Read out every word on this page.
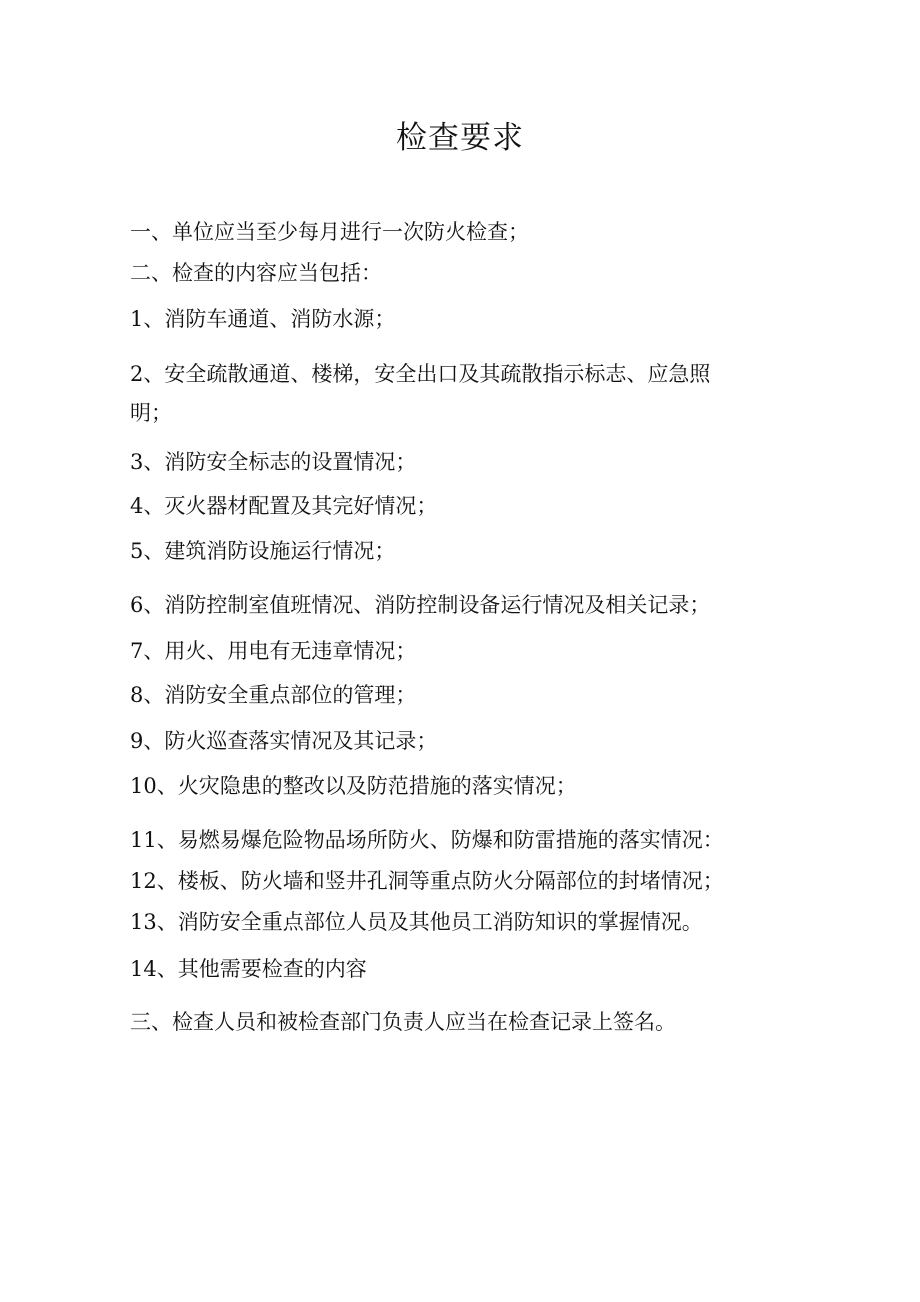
检查要求
一、单位应当至少每月进行一次防火检查；
二、检查的内容应当包括：
1、消防车通道、消防水源；
2、安全疏散通道、楼梯，安全出口及其疏散指示标志、应急照
明；
3、消防安全标志的设置情况；
4、灭火器材配置及其完好情况；
5、建筑消防设施运行情况；
6、消防控制室值班情况、消防控制设备运行情况及相关记录；
7、用火、用电有无违章情况；
8、消防安全重点部位的管理；
9、防火巡查落实情况及其记录；
10、火灾隐患的整改以及防范措施的落实情况；
11、易燃易爆危险物品场所防火、防爆和防雷措施的落实情况：
12、楼板、防火墙和竖井孔洞等重点防火分隔部位的封堵情况；
13、消防安全重点部位人员及其他员工消防知识的掌握情况。
14、其他需要检查的内容
三、检查人员和被检查部门负责人应当在检查记录上签名。
